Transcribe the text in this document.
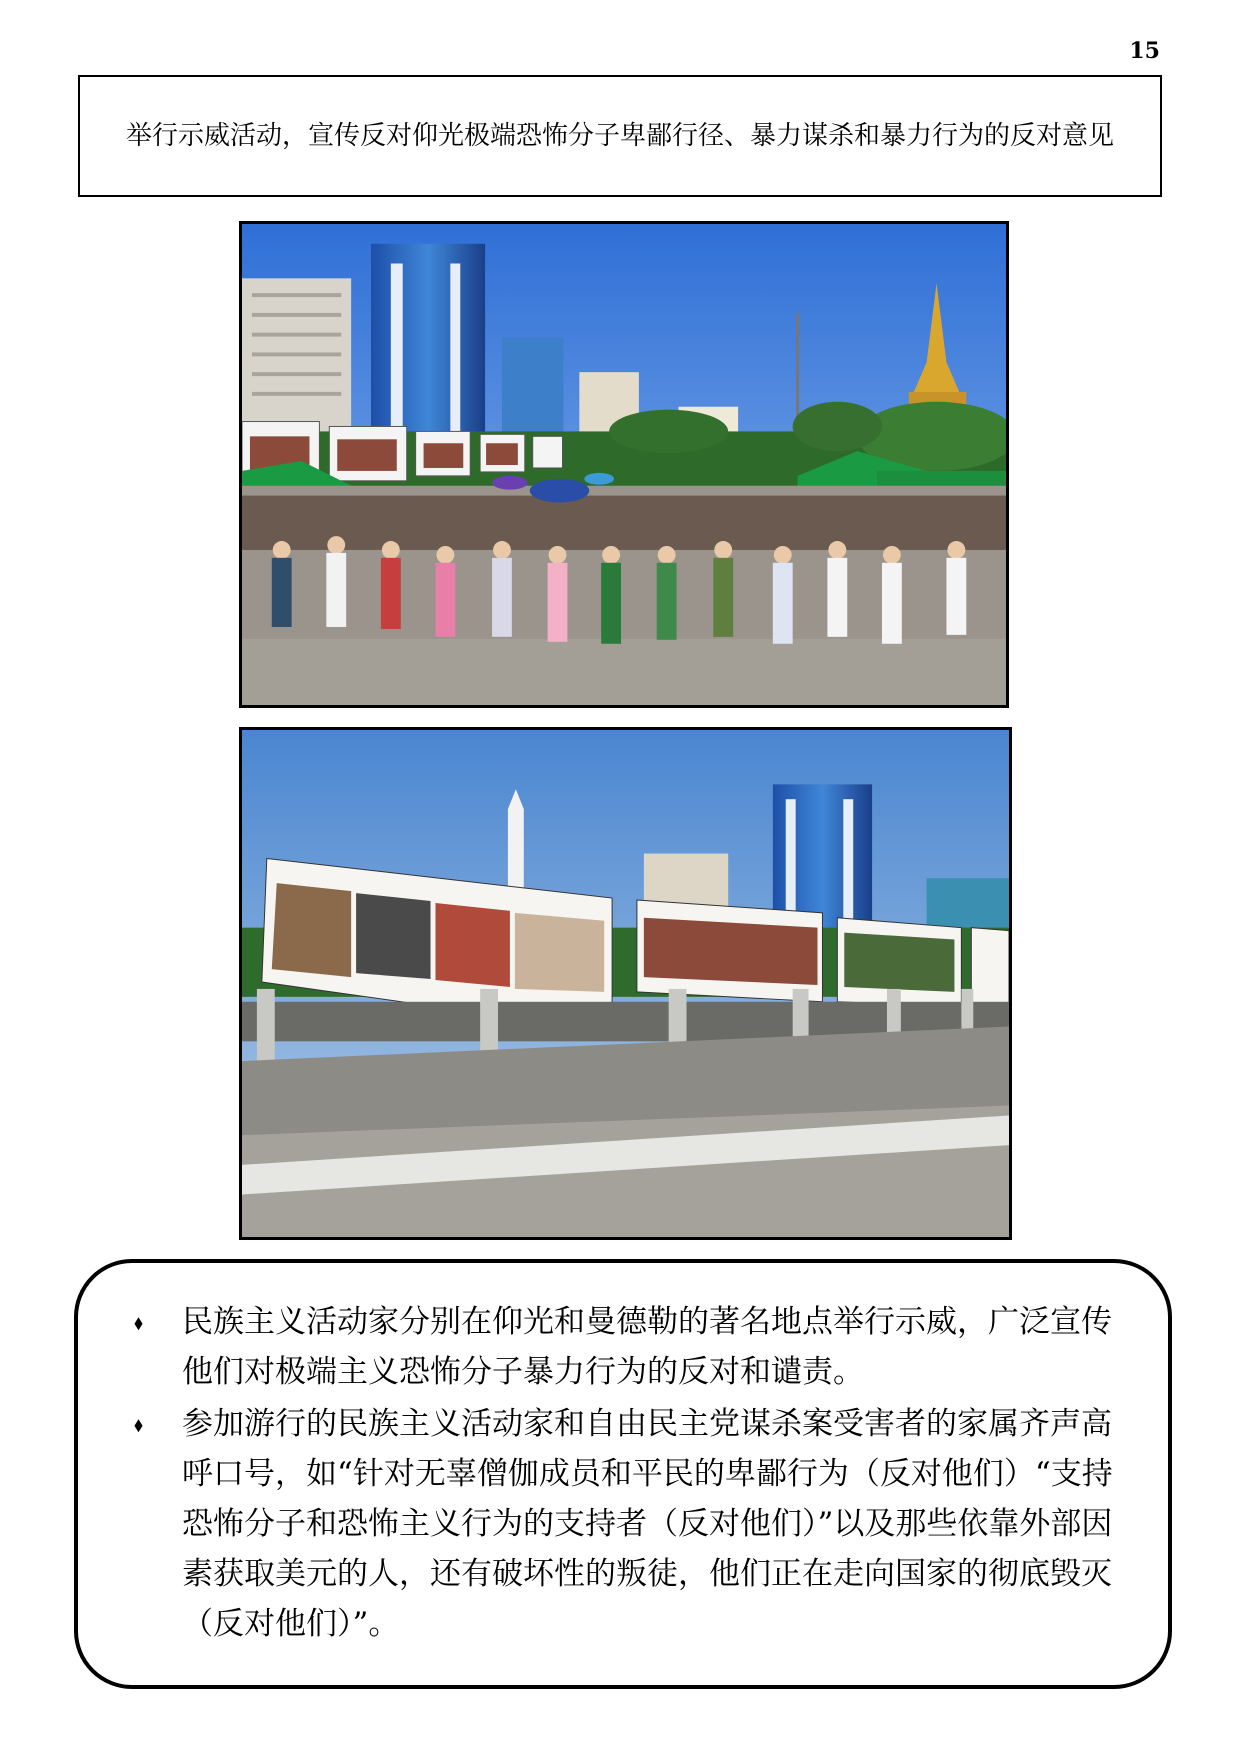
15
举行示威活动，宣传反对仰光极端恐怖分子卑鄙行径、暴力谋杀和暴力行为的反对意见
⬧ 民族主义活动家分别在仰光和曼德勒的著名地点举行示威，广泛宣传他们对极端主义恐怖分子暴力行为的反对和谴责。
⬧ 参加游行的民族主义活动家和自由民主党谋杀案受害者的家属齐声高呼口号，如“针对无辜僧伽成员和平民的卑鄙行为（反对他们）“支持恐怖分子和恐怖主义行为的支持者（反对他们）”以及那些依靠外部因素获取美元的人，还有破坏性的叛徒，他们正在走向国家的彻底毁灭（反对他们）”。
